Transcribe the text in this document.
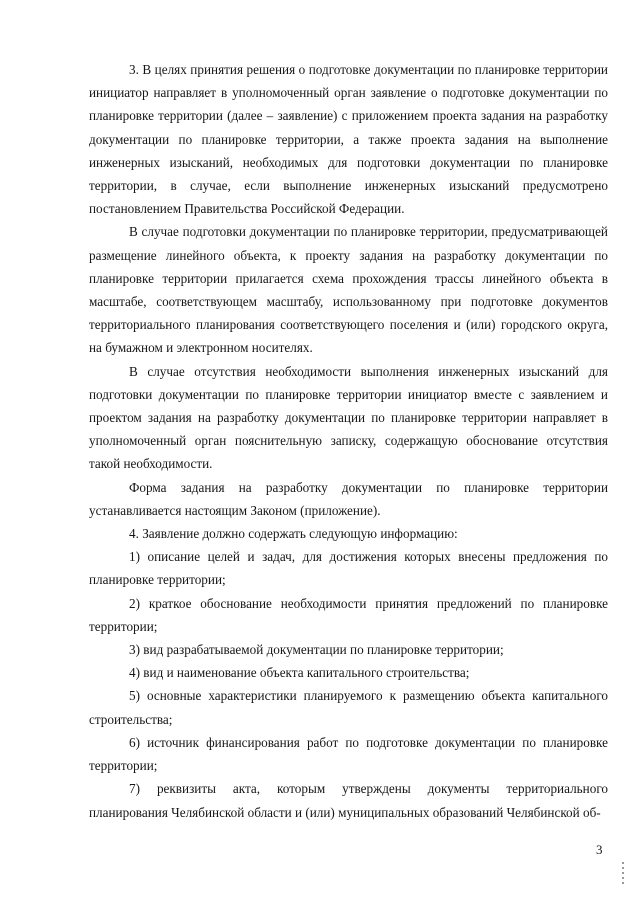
3. В целях принятия решения о подготовке документации по планировке территории инициатор направляет в уполномоченный орган заявление о подготовке документации по планировке территории (далее – заявление) с приложением проекта задания на разработку документации по планировке территории, а также проекта задания на выполнение инженерных изысканий, необходимых для подготовки документации по планировке территории, в случае, если выполнение инженерных изысканий предусмотрено постановлением Правительства Российской Федерации.

В случае подготовки документации по планировке территории, предусматривающей размещение линейного объекта, к проекту задания на разработку документации по планировке территории прилагается схема прохождения трассы линейного объекта в масштабе, соответствующем масштабу, использованному при подготовке документов территориального планирования соответствующего поселения и (или) городского округа, на бумажном и электронном носителях.

В случае отсутствия необходимости выполнения инженерных изысканий для подготовки документации по планировке территории инициатор вместе с заявлением и проектом задания на разработку документации по планировке территории направляет в уполномоченный орган пояснительную записку, содержащую обоснование отсутствия такой необходимости.

Форма задания на разработку документации по планировке территории устанавливается настоящим Законом (приложение).

4. Заявление должно содержать следующую информацию:

1) описание целей и задач, для достижения которых внесены предложения по планировке территории;

2) краткое обоснование необходимости принятия предложений по планировке территории;

3) вид разрабатываемой документации по планировке территории;

4) вид и наименование объекта капитального строительства;

5) основные характеристики планируемого к размещению объекта капитального строительства;

6) источник финансирования работ по подготовке документации по планировке территории;

7) реквизиты акта, которым утверждены документы территориального планирования Челябинской области и (или) муниципальных образований Челябинской об-

3
